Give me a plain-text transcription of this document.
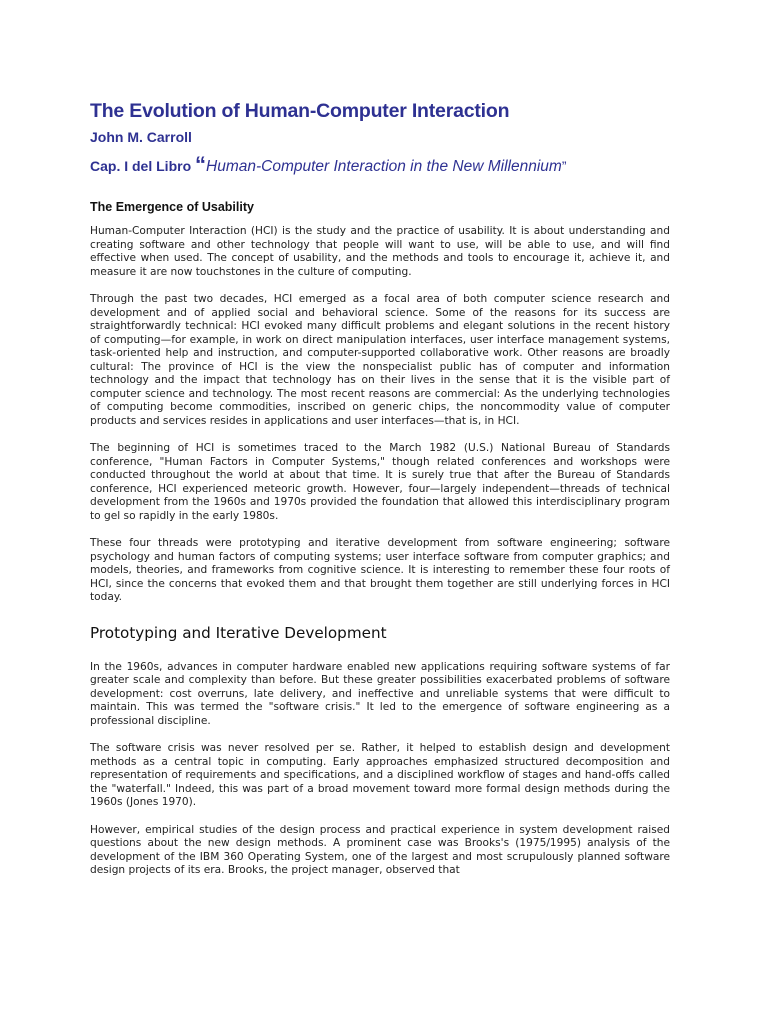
The Evolution of Human-Computer Interaction
John M. Carroll
Cap. I del Libro “Human-Computer Interaction in the New Millennium”
The Emergence of Usability

Human-Computer Interaction (HCI) is the study and the practice of usability. It is about understanding and creating software and other technology that people will want to use, will be able to use, and will find effective when used. The concept of usability, and the methods and tools to encourage it, achieve it, and measure it are now touchstones in the culture of computing.

Through the past two decades, HCI emerged as a focal area of both computer science research and development and of applied social and behavioral science. Some of the reasons for its success are straightforwardly technical: HCI evoked many difficult problems and elegant solutions in the recent history of computing—for example, in work on direct manipulation interfaces, user interface management systems, task-oriented help and instruction, and computer-supported collaborative work. Other reasons are broadly cultural: The province of HCI is the view the nonspecialist public has of computer and information technology and the impact that technology has on their lives in the sense that it is the visible part of computer science and technology. The most recent reasons are commercial: As the underlying technologies of computing become commodities, inscribed on generic chips, the noncommodity value of computer products and services resides in applications and user interfaces—that is, in HCI.

The beginning of HCI is sometimes traced to the March 1982 (U.S.) National Bureau of Standards conference, "Human Factors in Computer Systems," though related conferences and workshops were conducted throughout the world at about that time. It is surely true that after the Bureau of Standards conference, HCI experienced meteoric growth. However, four—largely independent—threads of technical development from the 1960s and 1970s provided the foundation that allowed this interdisciplinary program to gel so rapidly in the early 1980s.

These four threads were prototyping and iterative development from software engineering; software psychology and human factors of computing systems; user interface software from computer graphics; and models, theories, and frameworks from cognitive science. It is interesting to remember these four roots of HCI, since the concerns that evoked them and that brought them together are still underlying forces in HCI today.

Prototyping and Iterative Development

In the 1960s, advances in computer hardware enabled new applications requiring software systems of far greater scale and complexity than before. But these greater possibilities exacerbated problems of software development: cost overruns, late delivery, and ineffective and unreliable systems that were difficult to maintain. This was termed the "software crisis." It led to the emergence of software engineering as a professional discipline.

The software crisis was never resolved per se. Rather, it helped to establish design and development methods as a central topic in computing. Early approaches emphasized structured decomposition and representation of requirements and specifications, and a disciplined workflow of stages and hand-offs called the "waterfall." Indeed, this was part of a broad movement toward more formal design methods during the 1960s (Jones 1970).

However, empirical studies of the design process and practical experience in system development raised questions about the new design methods. A prominent case was Brooks's (1975/1995) analysis of the development of the IBM 360 Operating System, one of the largest and most scrupulously planned software design projects of its era. Brooks, the project manager, observed that
